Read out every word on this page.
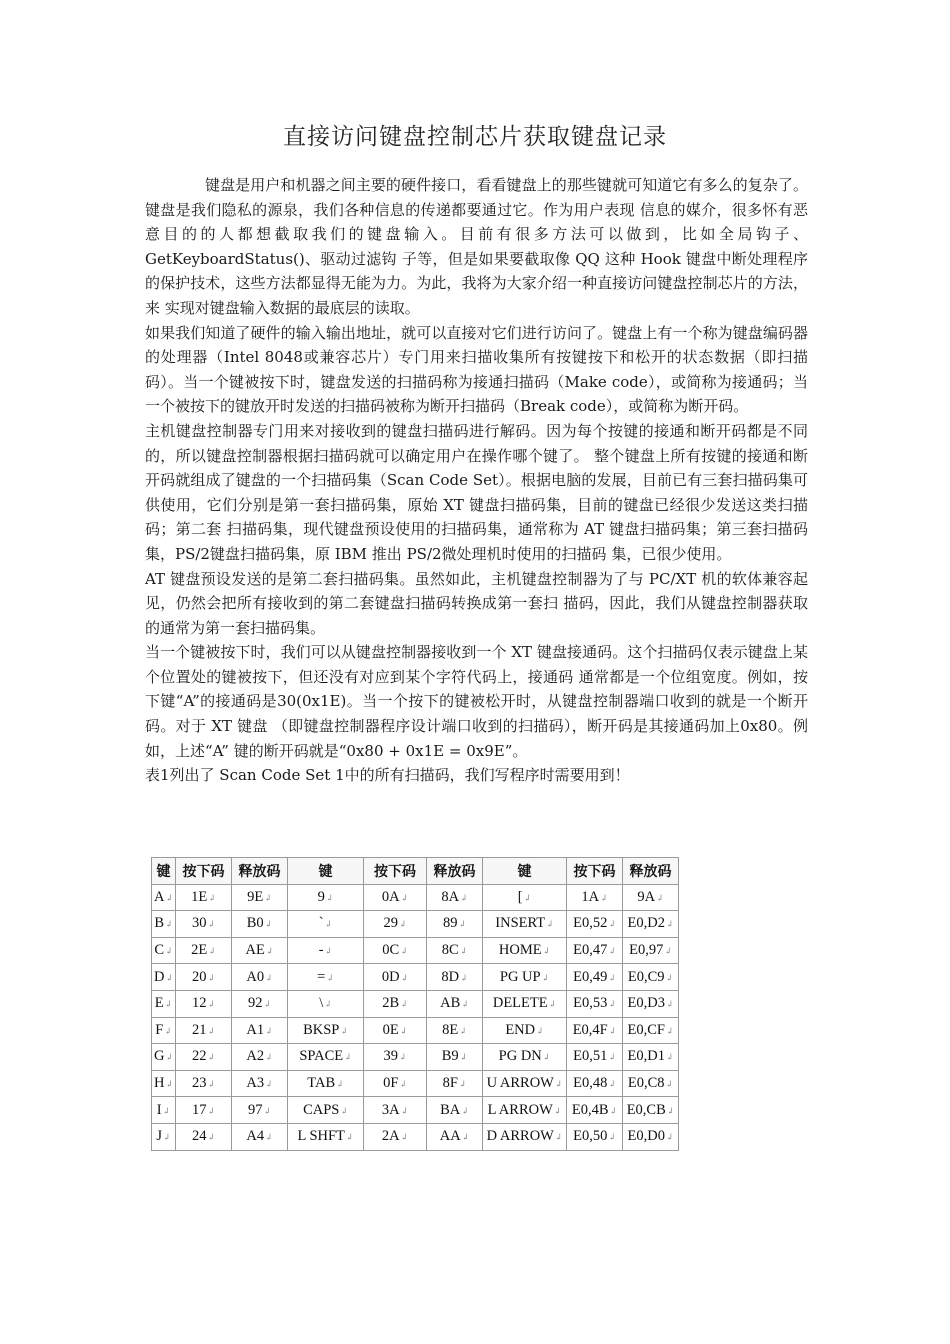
直接访问键盘控制芯片获取键盘记录

键盘是用户和机器之间主要的硬件接口，看看键盘上的那些键就可知道它有多么的复杂了。键盘是我们隐私的源泉，我们各种信息的传递都要通过它。作为用户表现 信息的媒介，很多怀有恶意目的的人都想截取我们的键盘输入。目前有很多方法可以做到，比如全局钩子、GetKeyboardStatus()、驱动过滤钩 子等，但是如果要截取像 QQ 这种 Hook 键盘中断处理程序的保护技术，这些方法都显得无能为力。为此，我将为大家介绍一种直接访问键盘控制芯片的方法，来 实现对键盘输入数据的最底层的读取。

如果我们知道了硬件的输入输出地址，就可以直接对它们进行访问了。键盘上有一个称为键盘编码器的处理器（Intel 8048或兼容芯片）专门用来扫描收集所有按键按下和松开的状态数据（即扫描码）。当一个键被按下时，键盘发送的扫描码称为接通扫描码（Make code），或简称为接通码；当一个被按下的键放开时发送的扫描码被称为断开扫描码（Break code），或简称为断开码。

主机键盘控制器专门用来对接收到的键盘扫描码进行解码。因为每个按键的接通和断开码都是不同的，所以键盘控制器根据扫描码就可以确定用户在操作哪个键了。 整个键盘上所有按键的接通和断开码就组成了键盘的一个扫描码集（Scan Code Set）。根据电脑的发展，目前已有三套扫描码集可供使用，它们分别是第一套扫描码集，原始 XT 键盘扫描码集，目前的键盘已经很少发送这类扫描码；第二套 扫描码集，现代键盘预设使用的扫描码集，通常称为 AT 键盘扫描码集；第三套扫描码集，PS/2键盘扫描码集，原 IBM 推出 PS/2微处理机时使用的扫描码 集，已很少使用。

AT 键盘预设发送的是第二套扫描码集。虽然如此，主机键盘控制器为了与 PC/XT 机的软体兼容起见，仍然会把所有接收到的第二套键盘扫描码转换成第一套扫 描码，因此，我们从键盘控制器获取的通常为第一套扫描码集。

当一个键被按下时，我们可以从键盘控制器接收到一个 XT 键盘接通码。这个扫描码仅表示键盘上某个位置处的键被按下，但还没有对应到某个字符代码上，接通码 通常都是一个位组宽度。例如，按下键“A”的接通码是30(0x1E)。当一个按下的键被松开时，从键盘控制器端口收到的就是一个断开码。对于 XT 键盘 （即键盘控制器程序设计端口收到的扫描码），断开码是其接通码加上0x80。例如，上述“A” 键的断开码就是“0x80 + 0x1E = 0x9E”。

表1列出了 Scan Code Set 1中的所有扫描码，我们写程序时需要用到！

键	按下码	释放码	键	按下码	释放码	键	按下码	释放码
A↲	1E↲	9E↲	9↲	0A↲	8A↲	[↲	1A↲	9A↲
B↲	30↲	B0↲	`↲	29↲	89↲	INSERT↲	E0,52↲	E0,D2↲
C↲	2E↲	AE↲	-↲	0C↲	8C↲	HOME↲	E0,47↲	E0,97↲
D↲	20↲	A0↲	=↲	0D↲	8D↲	PG UP↲	E0,49↲	E0,C9↲
E↲	12↲	92↲	\↲	2B↲	AB↲	DELETE↲	E0,53↲	E0,D3↲
F↲	21↲	A1↲	BKSP↲	0E↲	8E↲	END↲	E0,4F↲	E0,CF↲
G↲	22↲	A2↲	SPACE↲	39↲	B9↲	PG DN↲	E0,51↲	E0,D1↲
H↲	23↲	A3↲	TAB↲	0F↲	8F↲	U ARROW↲	E0,48↲	E0,C8↲
I↲	17↲	97↲	CAPS↲	3A↲	BA↲	L ARROW↲	E0,4B↲	E0,CB↲
J↲	24↲	A4↲	L SHFT↲	2A↲	AA↲	D ARROW↲	E0,50↲	E0,D0↲
